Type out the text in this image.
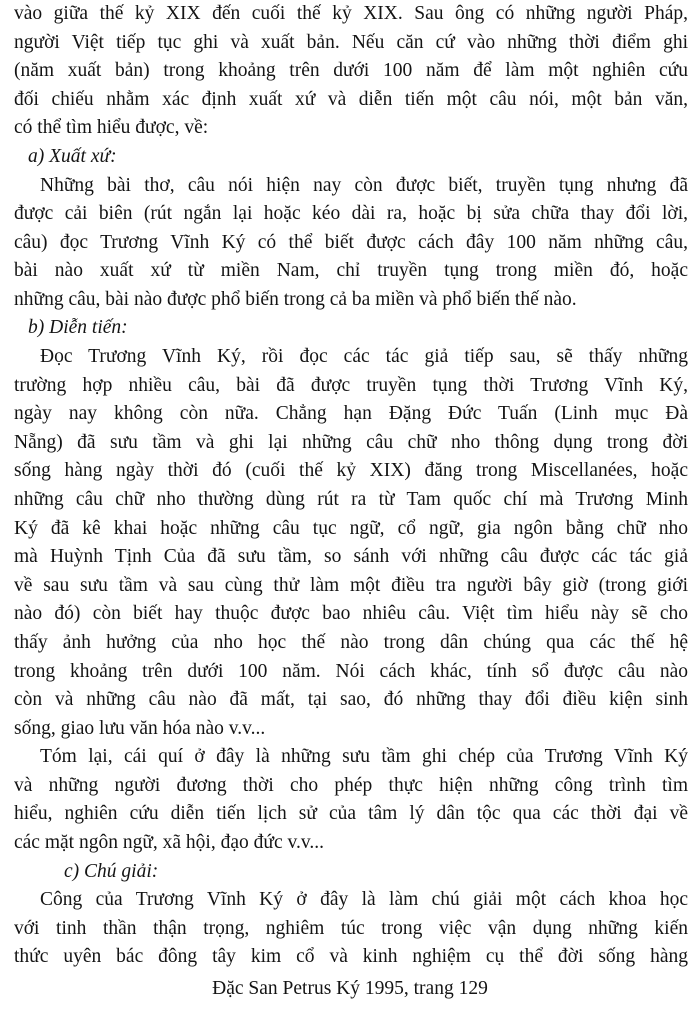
vào giữa thế kỷ XIX đến cuối thế kỷ XIX. Sau ông có những người Pháp,
người Việt tiếp tục ghi và xuất bản. Nếu căn cứ vào những thời điểm ghi
(năm xuất bản) trong khoảng trên dưới 100 năm để làm một nghiên cứu
đối chiếu nhằm xác định xuất xứ và diễn tiến một câu nói, một bản văn,
có thể tìm hiểu được, về:
a) Xuất xứ:
Những bài thơ, câu nói hiện nay còn được biết, truyền tụng nhưng đã
được cải biên (rút ngắn lại hoặc kéo dài ra, hoặc bị sửa chữa thay đổi lời,
câu) đọc Trương Vĩnh Ký có thể biết được cách đây 100 năm những câu,
bài nào xuất xứ từ miền Nam, chỉ truyền tụng trong miền đó, hoặc
những câu, bài nào được phổ biến trong cả ba miền và phổ biến thế nào.
b) Diễn tiến:
Đọc Trương Vĩnh Ký, rồi đọc các tác giả tiếp sau, sẽ thấy những
trường hợp nhiều câu, bài đã được truyền tụng thời Trương Vĩnh Ký,
ngày nay không còn nữa. Chẳng hạn Đặng Đức Tuấn (Linh mục Đà
Nẵng) đã sưu tầm và ghi lại những câu chữ nho thông dụng trong đời
sống hàng ngày thời đó (cuối thế kỷ XIX) đăng trong Miscellanées, hoặc
những câu chữ nho thường dùng rút ra từ Tam quốc chí mà Trương Minh
Ký đã kê khai hoặc những câu tục ngữ, cổ ngữ, gia ngôn bằng chữ nho
mà Huỳnh Tịnh Của đã sưu tầm, so sánh với những câu được các tác giả
về sau sưu tầm và sau cùng thử làm một điều tra người bây giờ (trong giới
nào đó) còn biết hay thuộc được bao nhiêu câu. Việt tìm hiểu này sẽ cho
thấy ảnh hưởng của nho học thế nào trong dân chúng qua các thế hệ
trong khoảng trên dưới 100 năm. Nói cách khác, tính sổ được câu nào
còn và những câu nào đã mất, tại sao, đó những thay đổi điều kiện sinh
sống, giao lưu văn hóa nào v.v...
Tóm lại, cái quí ở đây là những sưu tầm ghi chép của Trương Vĩnh Ký
và những người đương thời cho phép thực hiện những công trình tìm
hiểu, nghiên cứu diễn tiến lịch sử của tâm lý dân tộc qua các thời đại về
các mặt ngôn ngữ, xã hội, đạo đức v.v...
c) Chú giải:
Công của Trương Vĩnh Ký ở đây là làm chú giải một cách khoa học
với tinh thần thận trọng, nghiêm túc trong việc vận dụng những kiến
thức uyên bác đông tây kim cổ và kinh nghiệm cụ thể đời sống hàng
Đặc San Petrus Ký 1995, trang 129
